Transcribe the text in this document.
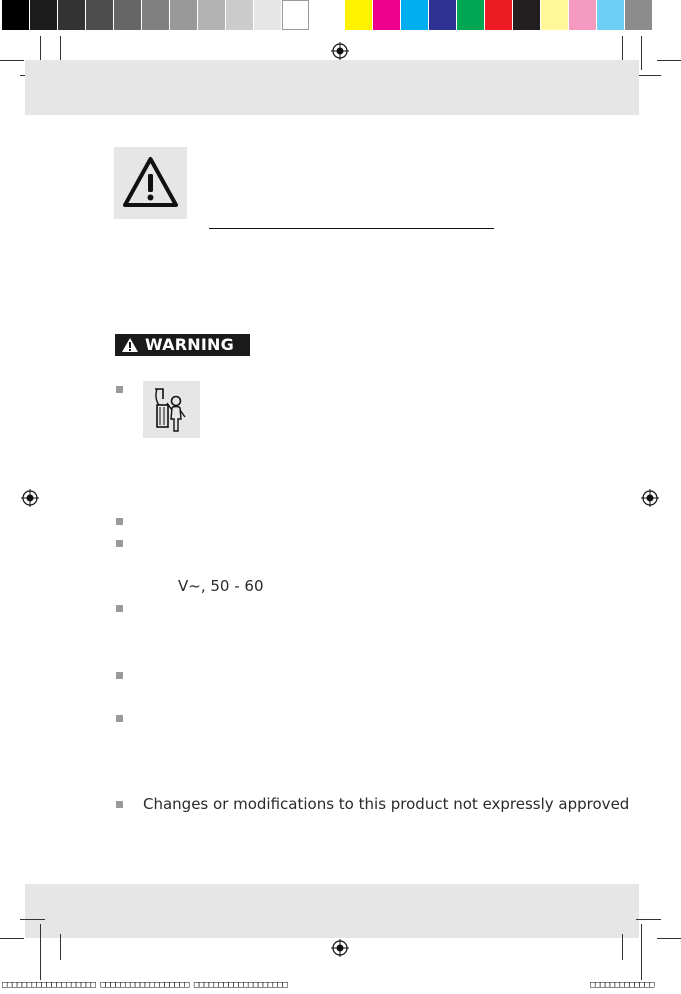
WARNING
V~, 50 - 60
Changes or modifications to this product not expressly approved
□□□□□□□□□□□□□□□□□□□ □□□□□□□□□□□□□□□□□□ □□□□□□□□□□□□□□□□□□□	□□□□□□□□□□□□□
